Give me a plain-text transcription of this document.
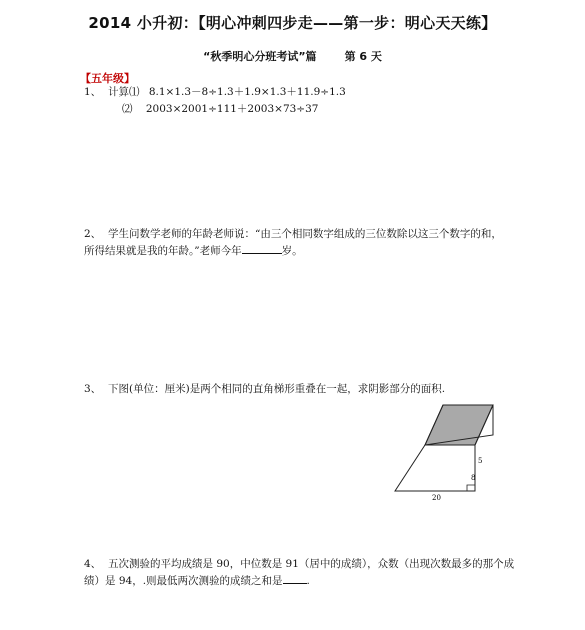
2014 小升初：【明心冲刺四步走——第一步：明心天天练】
“秋季明心分班考试”篇	第 6 天
【五年级】
1、 计算⑴ 8.1×1.3－8÷1.3＋1.9×1.3＋11.9÷1.3
⑵ 2003×2001÷111＋2003×73÷37
2、 学生问数学老师的年龄老师说：“由三个相同数字组成的三位数除以这三个数字的和，
所得结果就是我的年龄。”老师今年	岁。
3、 下图(单位：厘米)是两个相同的直角梯形重叠在一起，求阴影部分的面积.
5
8
20
4、 五次测验的平均成绩是 90，中位数是 91（居中的成绩），众数（出现次数最多的那个成
绩）是 94，.则最低两次测验的成绩之和是 .
